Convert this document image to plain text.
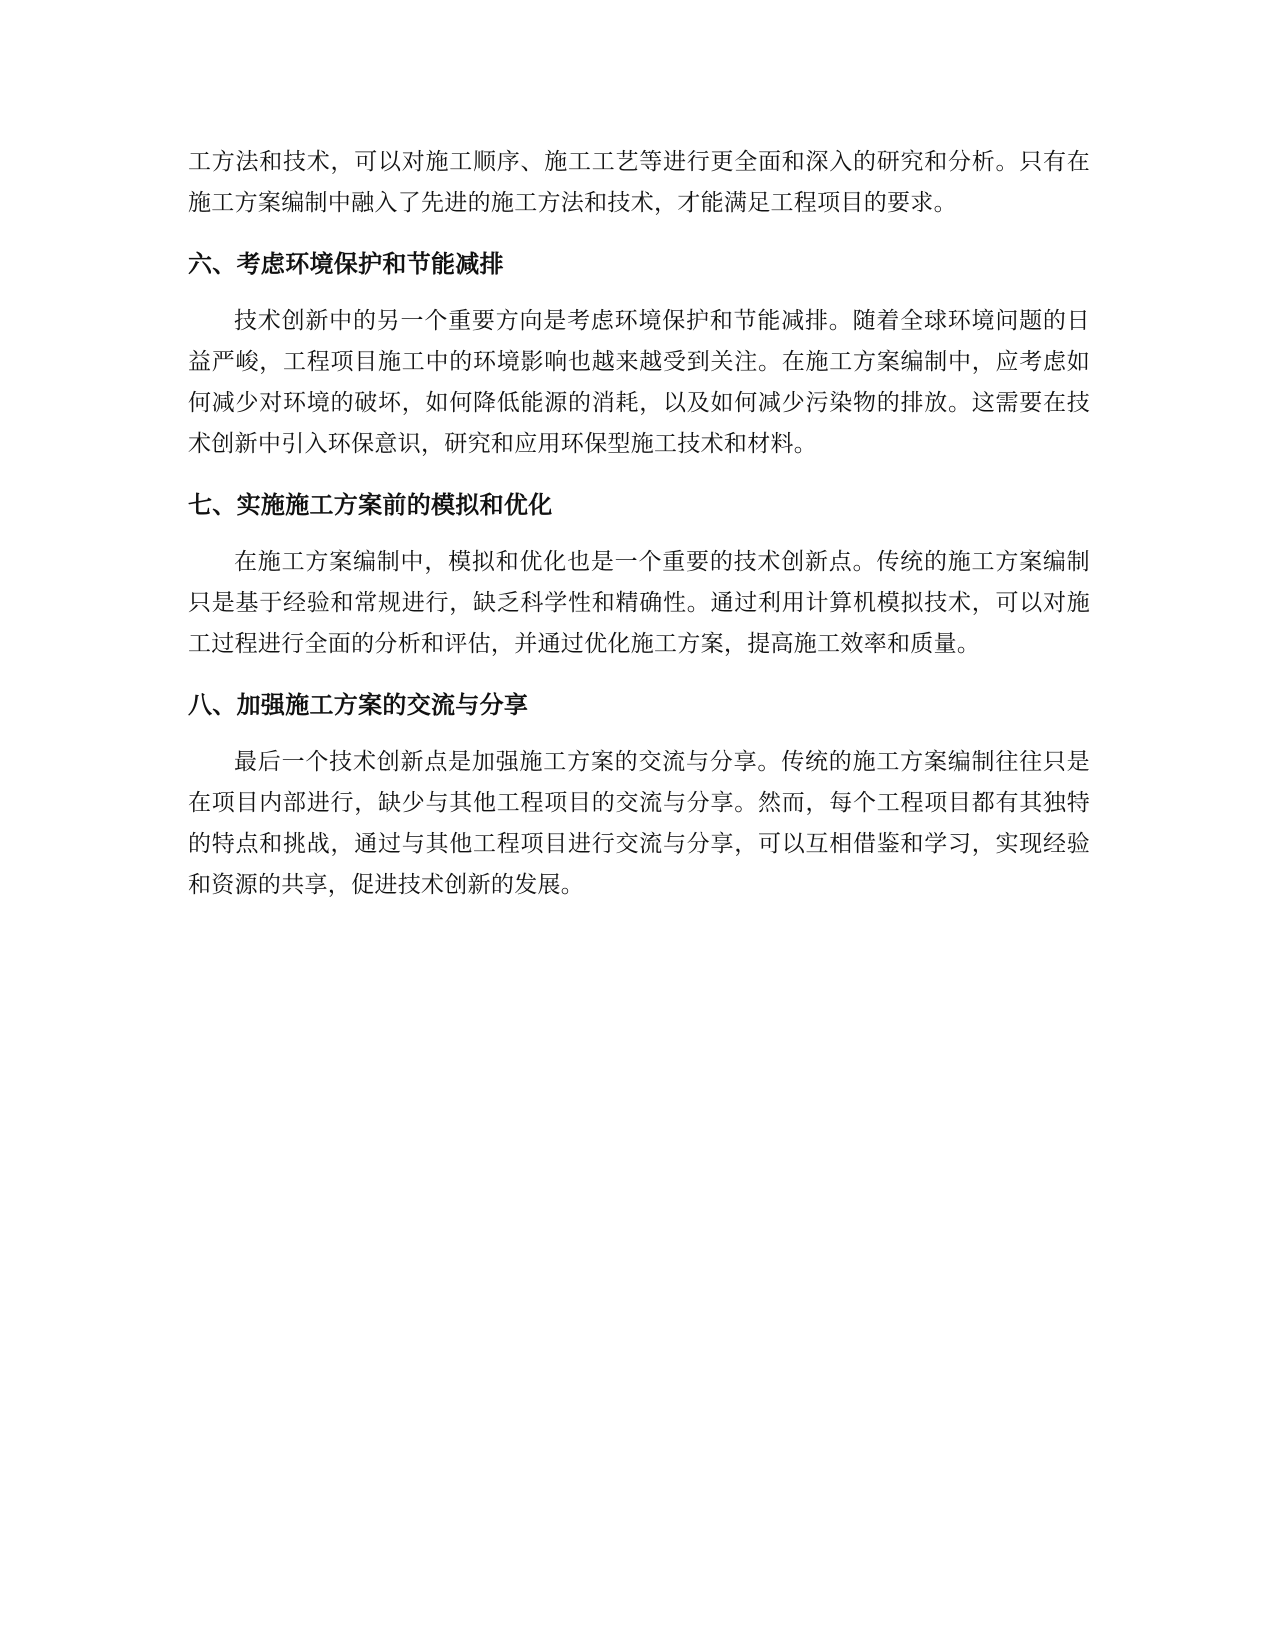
工方法和技术，可以对施工顺序、施工工艺等进行更全面和深入的研究和分析。只有在施工方案编制中融入了先进的施工方法和技术，才能满足工程项目的要求。

六、考虑环境保护和节能减排

技术创新中的另一个重要方向是考虑环境保护和节能减排。随着全球环境问题的日益严峻，工程项目施工中的环境影响也越来越受到关注。在施工方案编制中，应考虑如何减少对环境的破坏，如何降低能源的消耗，以及如何减少污染物的排放。这需要在技术创新中引入环保意识，研究和应用环保型施工技术和材料。

七、实施施工方案前的模拟和优化

在施工方案编制中，模拟和优化也是一个重要的技术创新点。传统的施工方案编制只是基于经验和常规进行，缺乏科学性和精确性。通过利用计算机模拟技术，可以对施工过程进行全面的分析和评估，并通过优化施工方案，提高施工效率和质量。

八、加强施工方案的交流与分享

最后一个技术创新点是加强施工方案的交流与分享。传统的施工方案编制往往只是在项目内部进行，缺少与其他工程项目的交流与分享。然而，每个工程项目都有其独特的特点和挑战，通过与其他工程项目进行交流与分享，可以互相借鉴和学习，实现经验和资源的共享，促进技术创新的发展。
